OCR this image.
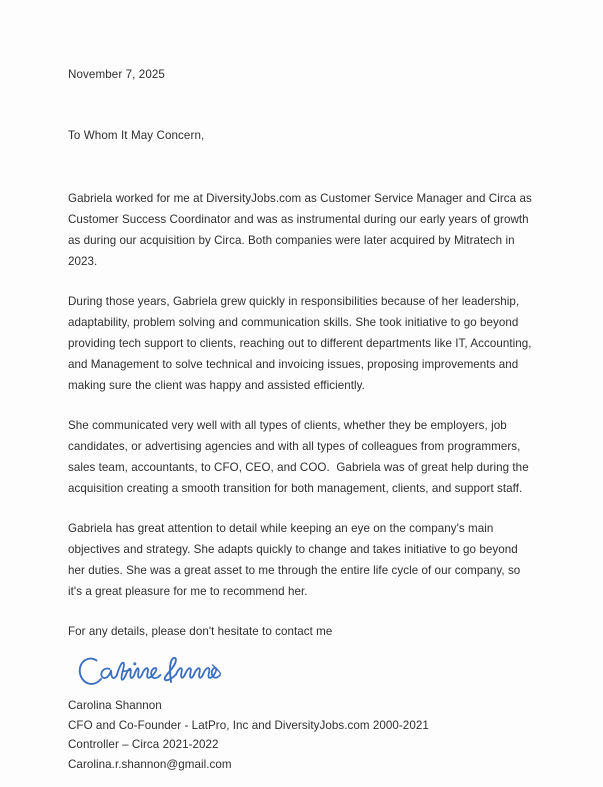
November 7, 2025

To Whom It May Concern,

Gabriela worked for me at DiversityJobs.com as Customer Service Manager and Circa as Customer Success Coordinator and was as instrumental during our early years of growth as during our acquisition by Circa. Both companies were later acquired by Mitratech in 2023.

During those years, Gabriela grew quickly in responsibilities because of her leadership, adaptability, problem solving and communication skills. She took initiative to go beyond providing tech support to clients, reaching out to different departments like IT, Accounting, and Management to solve technical and invoicing issues, proposing improvements and making sure the client was happy and assisted efficiently.

She communicated very well with all types of clients, whether they be employers, job candidates, or advertising agencies and with all types of colleagues from programmers, sales team, accountants, to CFO, CEO, and COO.  Gabriela was of great help during the acquisition creating a smooth transition for both management, clients, and support staff.

Gabriela has great attention to detail while keeping an eye on the company's main objectives and strategy. She adapts quickly to change and takes initiative to go beyond her duties. She was a great asset to me through the entire life cycle of our company, so it's a great pleasure for me to recommend her.

For any details, please don't hesitate to contact me

Carolina Shannon

CFO and Co-Founder - LatPro, Inc and DiversityJobs.com 2000-2021

Controller – Circa 2021-2022

Carolina.r.shannon@gmail.com
